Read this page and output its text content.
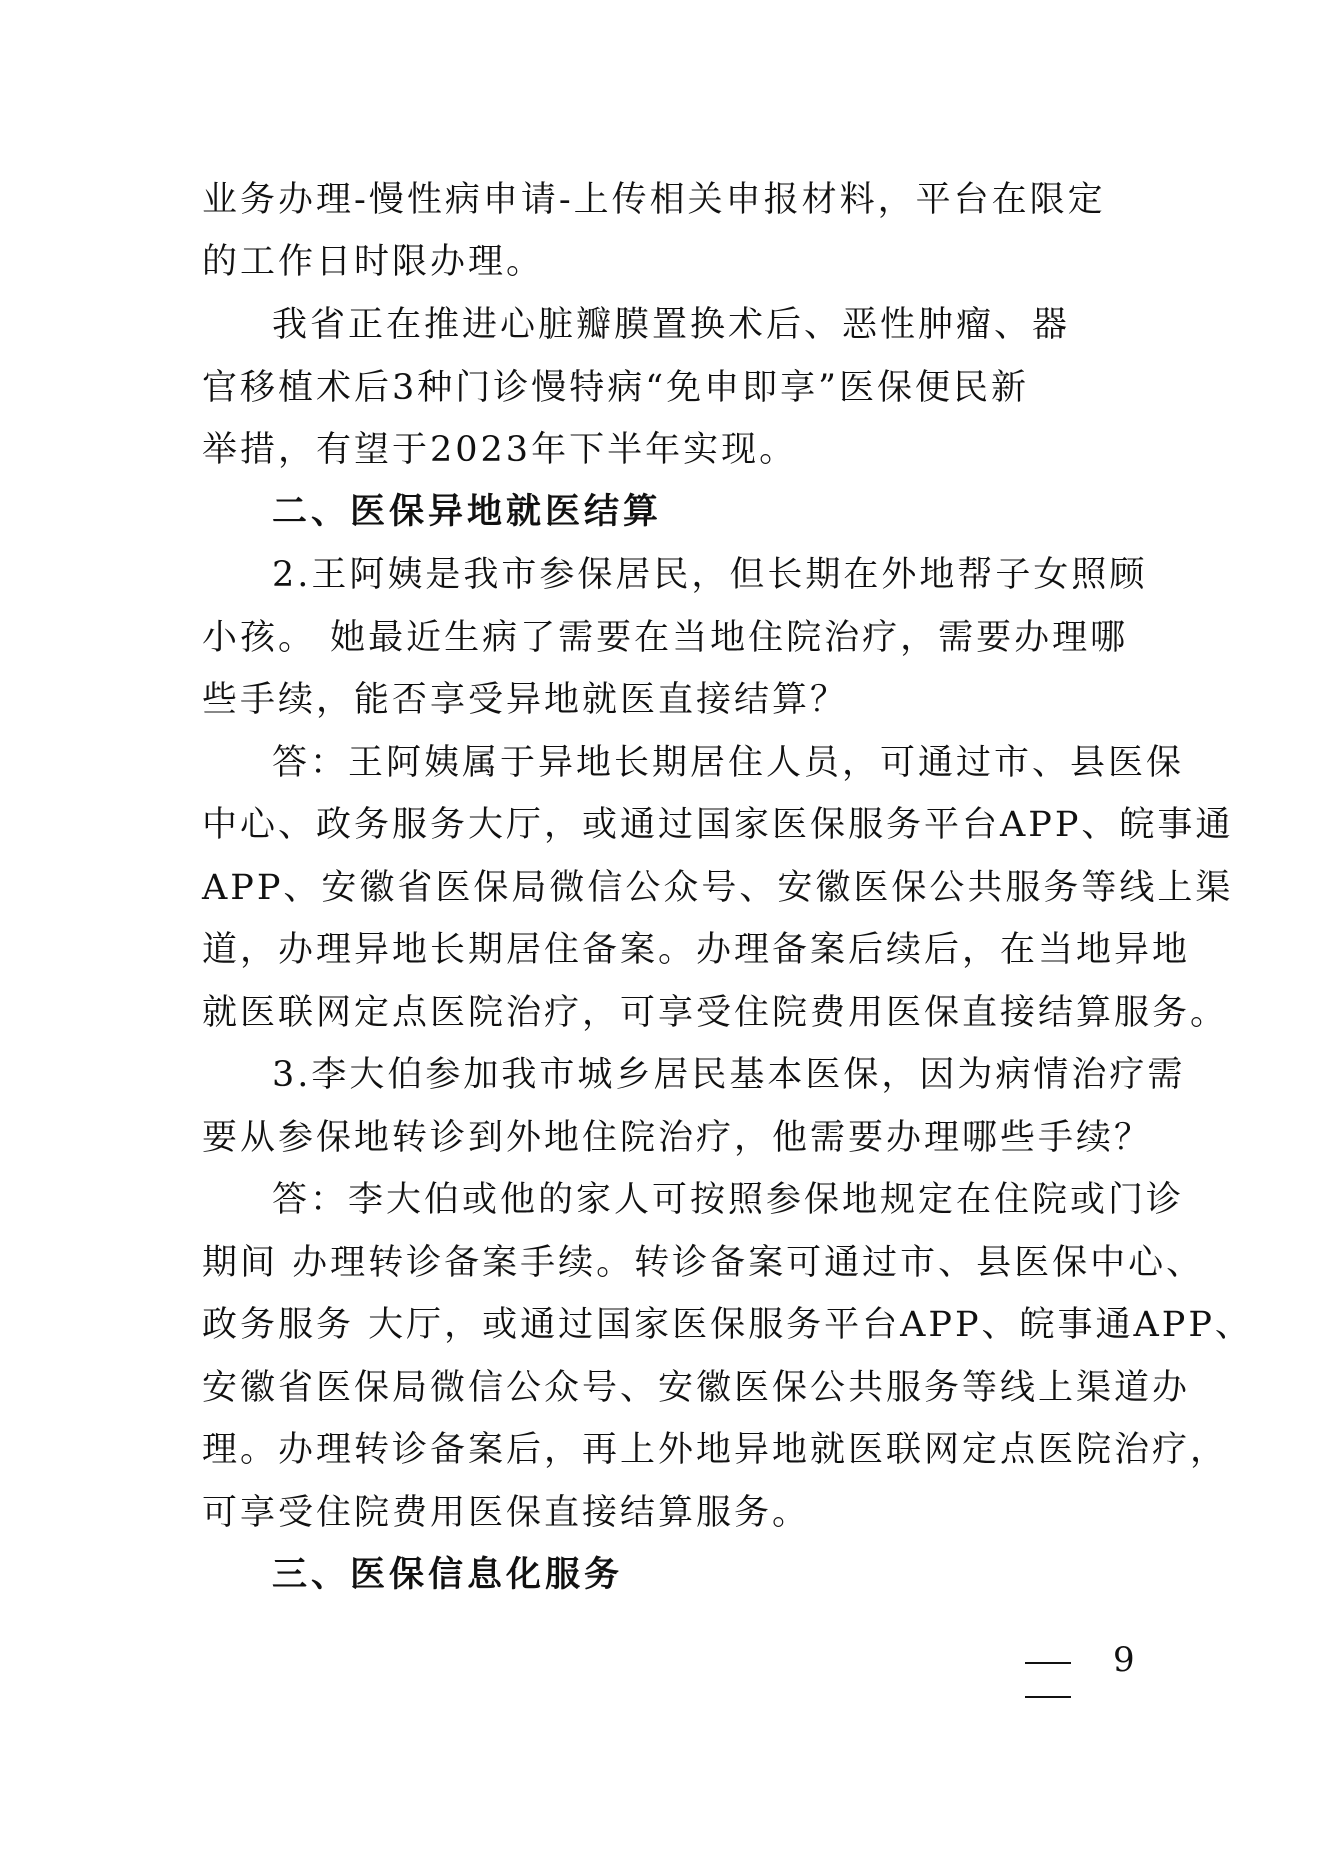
业务办理-慢性病申请-上传相关申报材料，平台在限定
的工作日时限办理。
我省正在推进心脏瓣膜置换术后、恶性肿瘤、器
官移植术后3种门诊慢特病“免申即享”医保便民新
举措，有望于2023年下半年实现。
二、医保异地就医结算
2.王阿姨是我市参保居民，但长期在外地帮子女照顾
小孩。 她最近生病了需要在当地住院治疗，需要办理哪
些手续，能否享受异地就医直接结算？
答：王阿姨属于异地长期居住人员，可通过市、县医保
中心、政务服务大厅，或通过国家医保服务平台APP、皖事通
APP、安徽省医保局微信公众号、安徽医保公共服务等线上渠
道，办理异地长期居住备案。办理备案后续后，在当地异地
就医联网定点医院治疗，可享受住院费用医保直接结算服务。
3.李大伯参加我市城乡居民基本医保，因为病情治疗需
要从参保地转诊到外地住院治疗，他需要办理哪些手续？
答：李大伯或他的家人可按照参保地规定在住院或门诊
期间 办理转诊备案手续。转诊备案可通过市、县医保中心、
政务服务 大厅，或通过国家医保服务平台APP、皖事通APP、
安徽省医保局微信公众号、安徽医保公共服务等线上渠道办
理。办理转诊备案后，再上外地异地就医联网定点医院治疗，
可享受住院费用医保直接结算服务。
三、医保信息化服务
9
